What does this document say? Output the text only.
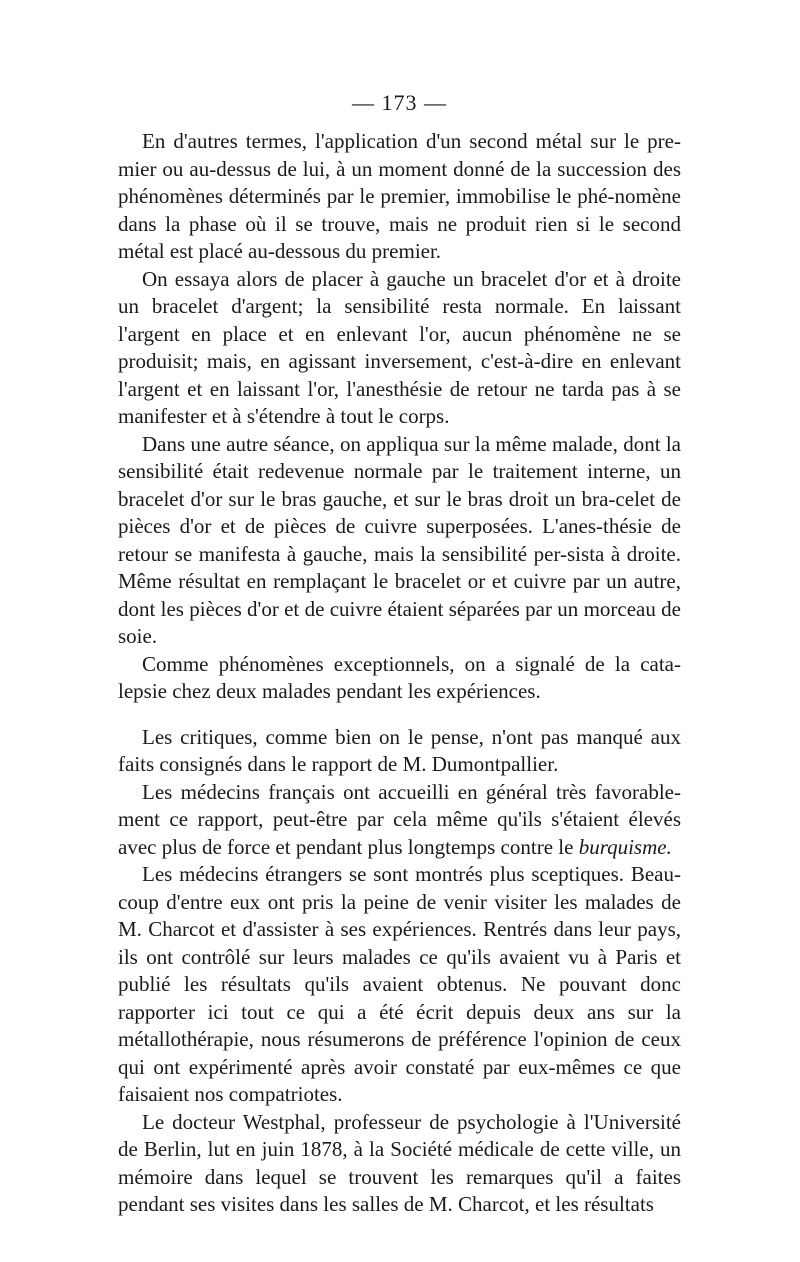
— 173 —

En d'autres termes, l'application d'un second métal sur le pre-mier ou au-dessus de lui, à un moment donné de la succession des phénomènes déterminés par le premier, immobilise le phé-nomène dans la phase où il se trouve, mais ne produit rien si le second métal est placé au-dessous du premier.

On essaya alors de placer à gauche un bracelet d'or et à droite un bracelet d'argent; la sensibilité resta normale. En laissant l'argent en place et en enlevant l'or, aucun phénomène ne se produisit; mais, en agissant inversement, c'est-à-dire en enlevant l'argent et en laissant l'or, l'anesthésie de retour ne tarda pas à se manifester et à s'étendre à tout le corps.

Dans une autre séance, on appliqua sur la même malade, dont la sensibilité était redevenue normale par le traitement interne, un bracelet d'or sur le bras gauche, et sur le bras droit un bra-celet de pièces d'or et de pièces de cuivre superposées. L'anes-thésie de retour se manifesta à gauche, mais la sensibilité per-sista à droite. Même résultat en remplaçant le bracelet or et cuivre par un autre, dont les pièces d'or et de cuivre étaient séparées par un morceau de soie.

Comme phénomènes exceptionnels, on a signalé de la cata-lepsie chez deux malades pendant les expériences.

Les critiques, comme bien on le pense, n'ont pas manqué aux faits consignés dans le rapport de M. Dumontpallier.

Les médecins français ont accueilli en général très favorable-ment ce rapport, peut-être par cela même qu'ils s'étaient élevés avec plus de force et pendant plus longtemps contre le burquisme.

Les médecins étrangers se sont montrés plus sceptiques. Beau-coup d'entre eux ont pris la peine de venir visiter les malades de M. Charcot et d'assister à ses expériences. Rentrés dans leur pays, ils ont contrôlé sur leurs malades ce qu'ils avaient vu à Paris et publié les résultats qu'ils avaient obtenus. Ne pouvant donc rapporter ici tout ce qui a été écrit depuis deux ans sur la métallothérapie, nous résumerons de préférence l'opinion de ceux qui ont expérimenté après avoir constaté par eux-mêmes ce que faisaient nos compatriotes.

Le docteur Westphal, professeur de psychologie à l'Université de Berlin, lut en juin 1878, à la Société médicale de cette ville, un mémoire dans lequel se trouvent les remarques qu'il a faites pendant ses visites dans les salles de M. Charcot, et les résultats
